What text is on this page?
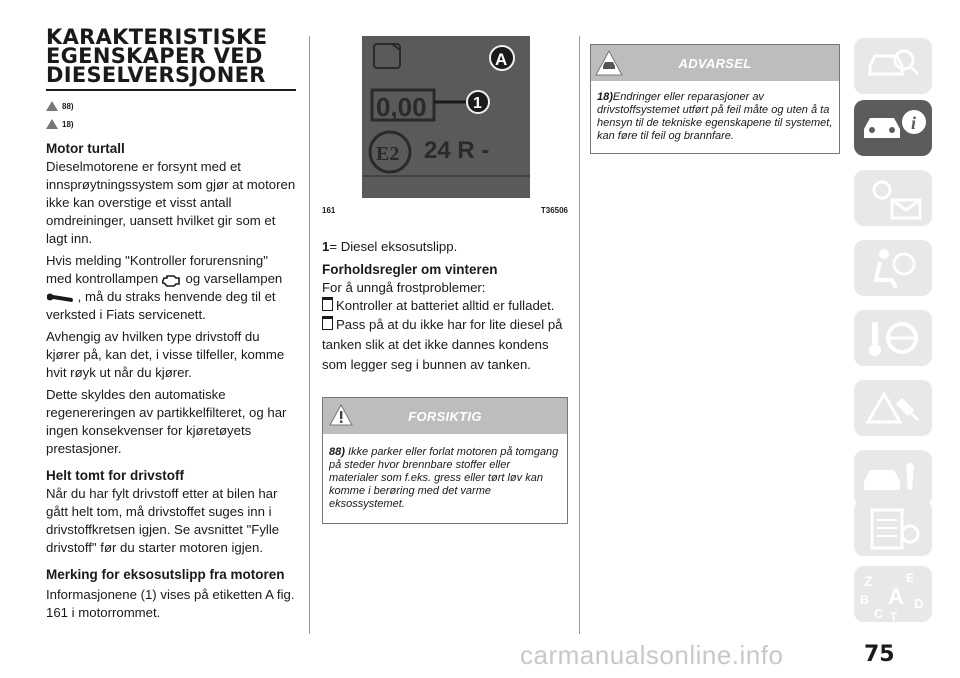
KARAKTERISTISKE EGENSKAPER VED DIESELVERSJONER
88)
18)
Motor turtall

Dieselmotorene er forsynt med et innsprøytningssystem som gjør at motoren ikke kan overstige et visst antall omdreininger, uansett hvilket gir som et lagt inn.

Hvis melding "Kontroller forurensning" med kontrollampen og varsellampen  , må du straks henvende deg til et verksted i Fiats servicenett.

Avhengig av hvilken type drivstoff du kjører på, kan det, i visse tilfeller, komme hvit røyk ut når du kjører.

Dette skyldes den automatiske regenereringen av partikkelfilteret, og har ingen konsekvenser for kjøretøyets prestasjoner.

Helt tomt for drivstoff

Når du har fylt drivstoff etter at bilen har gått helt tom, må drivstoffet suges inn i drivstoffkretsen igjen. Se avsnittet "Fylle drivstoff" før du starter motoren igjen.

Merking for eksosutslipp fra motoren

Informasjonene (1) vises på etiketten A fig. 161 i motorrommet.

0,00	1
A
E2 24 R -
161	T36506

1= Diesel eksosutslipp.

Forholdsregler om vinteren

For å unngå frostproblemer:

Kontroller at batteriet alltid er fulladet.

Pass på at du ikke har for lite diesel på tanken slik at det ikke dannes kondens som legger seg i bunnen av tanken.

FORSIKTIG
88) Ikke parker eller forlat motoren på tomgang på steder hvor brennbare stoffer eller materialer som f.eks. gress eller tørt løv kan komme i berøring med det varme eksossystemet.
ADVARSEL
18)Endringer eller reparasjoner av drivstoffsystemet utført på feil måte og uten å ta hensyn til de tekniske egenskapene til systemet, kan føre til feil og brannfare.
i
Z	E
B A D
C T
carmanualsonline.info	75
